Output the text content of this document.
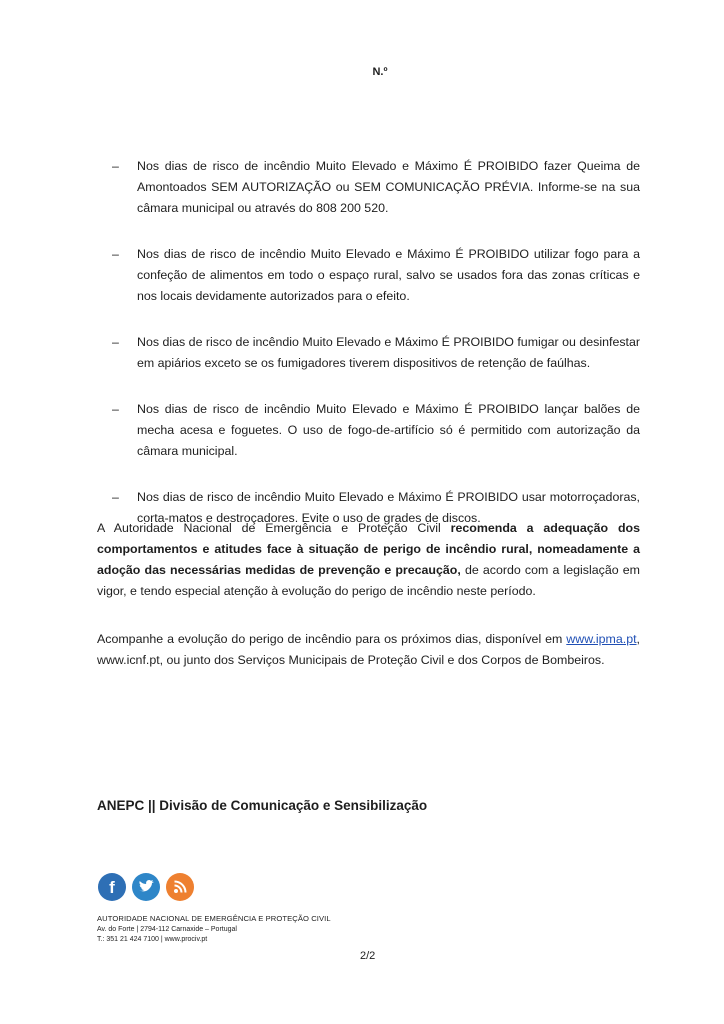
N.º
– Nos dias de risco de incêndio Muito Elevado e Máximo É PROIBIDO fazer Queima de Amontoados SEM AUTORIZAÇÃO ou SEM COMUNICAÇÃO PRÉVIA. Informe-se na sua câmara municipal ou através do 808 200 520.
– Nos dias de risco de incêndio Muito Elevado e Máximo É PROIBIDO utilizar fogo para a confeção de alimentos em todo o espaço rural, salvo se usados fora das zonas críticas e nos locais devidamente autorizados para o efeito.
– Nos dias de risco de incêndio Muito Elevado e Máximo É PROIBIDO fumigar ou desinfestar em apiários exceto se os fumigadores tiverem dispositivos de retenção de faúlhas.
– Nos dias de risco de incêndio Muito Elevado e Máximo É PROIBIDO lançar balões de mecha acesa e foguetes. O uso de fogo-de-artifício só é permitido com autorização da câmara municipal.
– Nos dias de risco de incêndio Muito Elevado e Máximo É PROIBIDO usar motorroçadoras, corta-matos e destroçadores. Evite o uso de grades de discos.
A Autoridade Nacional de Emergência e Proteção Civil recomenda a adequação dos comportamentos e atitudes face à situação de perigo de incêndio rural, nomeadamente a adoção das necessárias medidas de prevenção e precaução, de acordo com a legislação em vigor, e tendo especial atenção à evolução do perigo de incêndio neste período.
Acompanhe a evolução do perigo de incêndio para os próximos dias, disponível em www.ipma.pt, www.icnf.pt, ou junto dos Serviços Municipais de Proteção Civil e dos Corpos de Bombeiros.
ANEPC || Divisão de Comunicação e Sensibilização
f
AUTORIDADE NACIONAL DE EMERGÊNCIA E PROTEÇÃO CIVIL
Av. do Forte | 2794-112 Carnaxide – Portugal
T.: 351 21 424 7100 | www.prociv.pt
2/2
